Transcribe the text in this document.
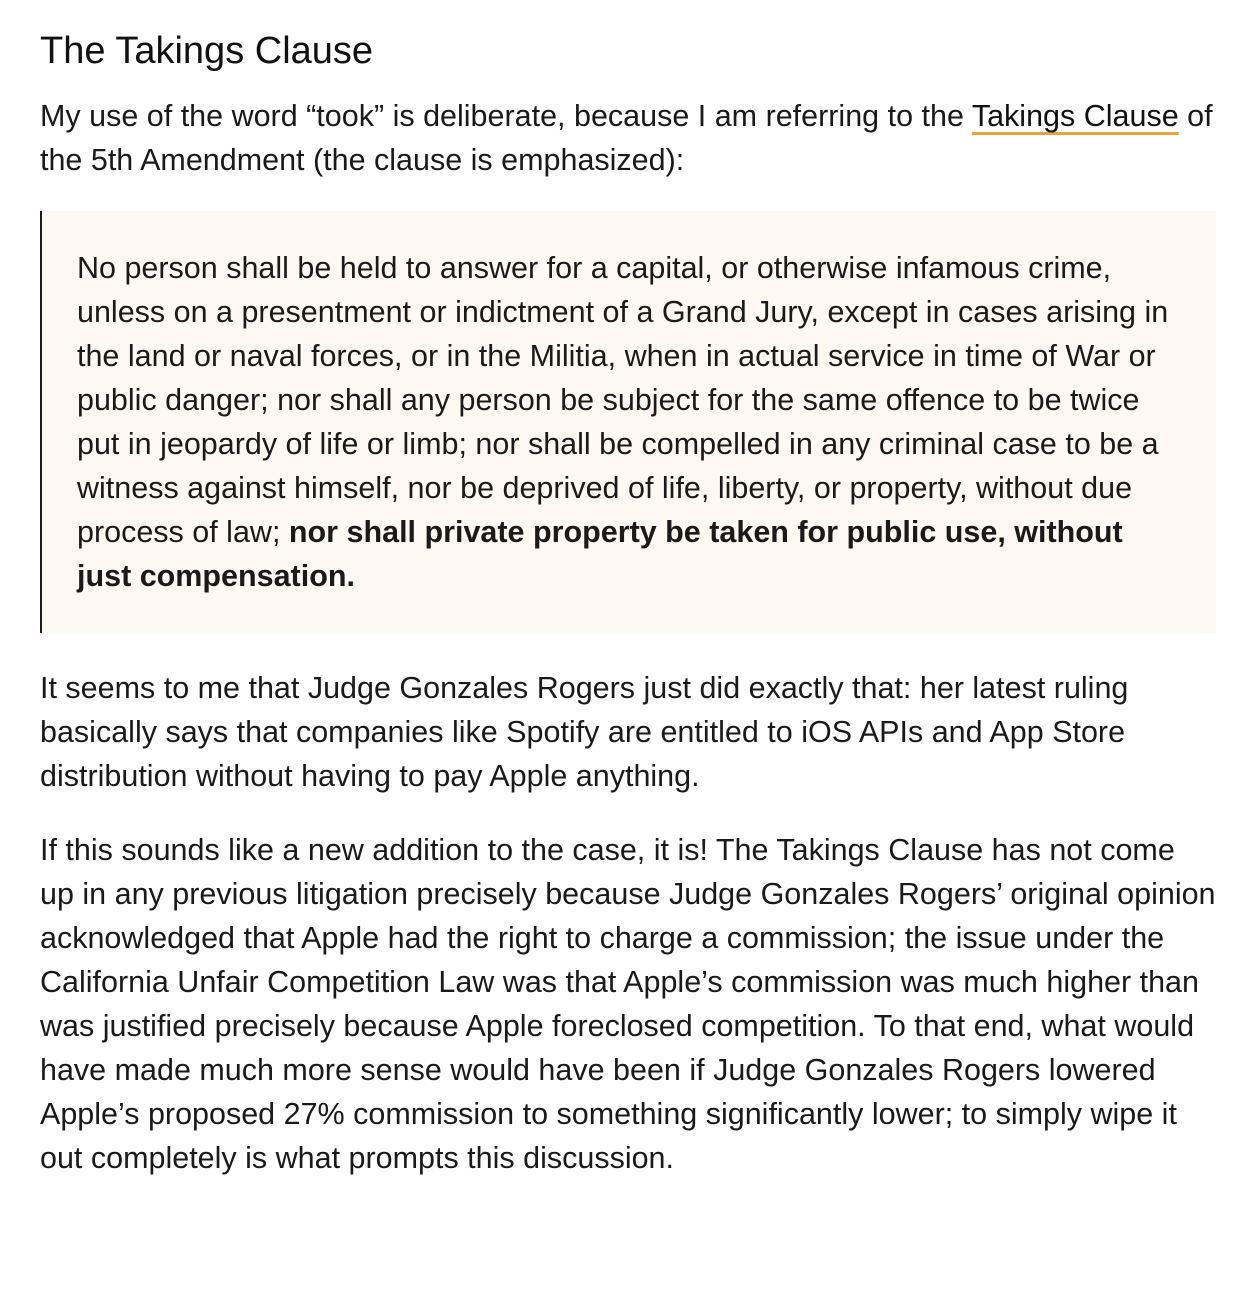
The Takings Clause

My use of the word “took” is deliberate, because I am referring to the Takings Clause of the 5th Amendment (the clause is emphasized):

No person shall be held to answer for a capital, or otherwise infamous crime, unless on a presentment or indictment of a Grand Jury, except in cases arising in the land or naval forces, or in the Militia, when in actual service in time of War or public danger; nor shall any person be subject for the same offence to be twice put in jeopardy of life or limb; nor shall be compelled in any criminal case to be a witness against himself, nor be deprived of life, liberty, or property, without due process of law; nor shall private property be taken for public use, without just compensation.

It seems to me that Judge Gonzales Rogers just did exactly that: her latest ruling basically says that companies like Spotify are entitled to iOS APIs and App Store distribution without having to pay Apple anything.

If this sounds like a new addition to the case, it is! The Takings Clause has not come up in any previous litigation precisely because Judge Gonzales Rogers’ original opinion acknowledged that Apple had the right to charge a commission; the issue under the California Unfair Competition Law was that Apple’s commission was much higher than was justified precisely because Apple foreclosed competition. To that end, what would have made much more sense would have been if Judge Gonzales Rogers lowered Apple’s proposed 27% commission to something significantly lower; to simply wipe it out completely is what prompts this discussion.
